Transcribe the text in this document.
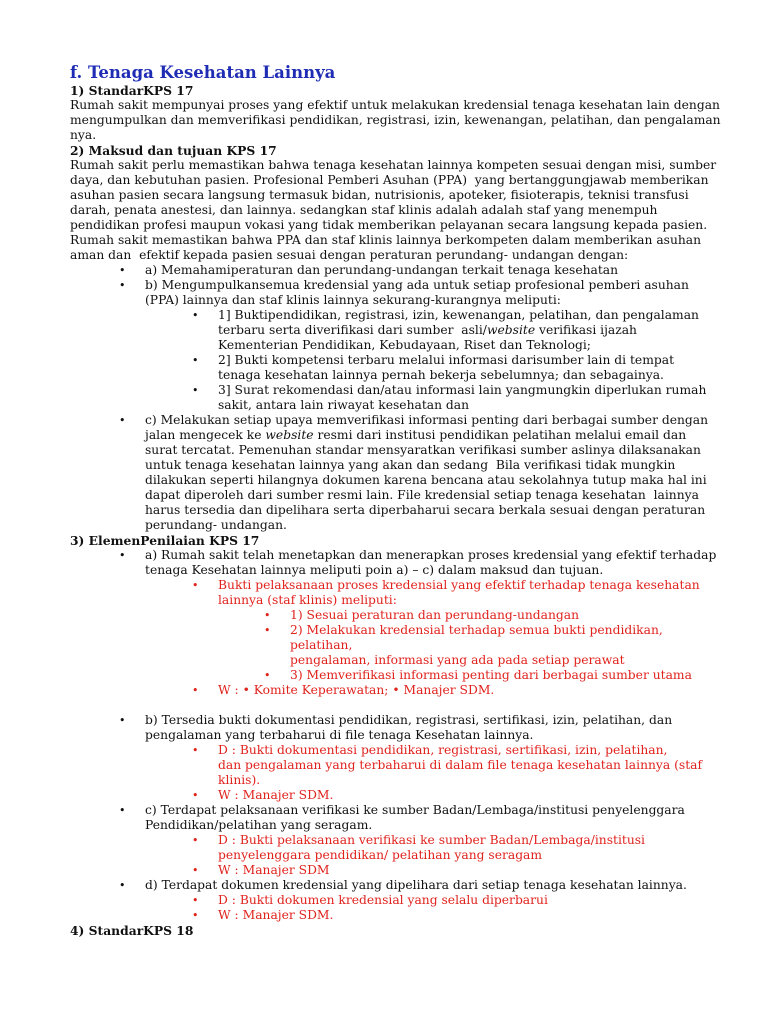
f. Tenaga Kesehatan Lainnya
1) StandarKPS 17
Rumah sakit mempunyai proses yang efektif untuk melakukan kredensial tenaga kesehatan lain dengan
mengumpulkan dan memverifikasi pendidikan, registrasi, izin, kewenangan, pelatihan, dan pengalaman
nya.
2) Maksud dan tujuan KPS 17
Rumah sakit perlu memastikan bahwa tenaga kesehatan lainnya kompeten sesuai dengan misi, sumber
daya, dan kebutuhan pasien. Profesional Pemberi Asuhan (PPA)  yang bertanggungjawab memberikan
asuhan pasien secara langsung termasuk bidan, nutrisionis, apoteker, fisioterapis, teknisi transfusi
darah, penata anestesi, dan lainnya. sedangkan staf klinis adalah adalah staf yang menempuh
pendidikan profesi maupun vokasi yang tidak memberikan pelayanan secara langsung kepada pasien.
Rumah sakit memastikan bahwa PPA dan staf klinis lainnya berkompeten dalam memberikan asuhan
aman dan  efektif kepada pasien sesuai dengan peraturan perundang- undangan dengan:
• a) Memahamiperaturan dan perundang-undangan terkait tenaga kesehatan
• b) Mengumpulkansemua kredensial yang ada untuk setiap profesional pemberi asuhan
(PPA) lainnya dan staf klinis lainnya sekurang-kurangnya meliputi:
• 1] Buktipendidikan, registrasi, izin, kewenangan, pelatihan, dan pengalaman
terbaru serta diverifikasi dari sumber  asli/website verifikasi ijazah
Kementerian Pendidikan, Kebudayaan, Riset dan Teknologi;
• 2] Bukti kompetensi terbaru melalui informasi darisumber lain di tempat
tenaga kesehatan lainnya pernah bekerja sebelumnya; dan sebagainya.
• 3] Surat rekomendasi dan/atau informasi lain yangmungkin diperlukan rumah
sakit, antara lain riwayat kesehatan dan
• c) Melakukan setiap upaya memverifikasi informasi penting dari berbagai sumber dengan
jalan mengecek ke website resmi dari institusi pendidikan pelatihan melalui email dan
surat tercatat. Pemenuhan standar mensyaratkan verifikasi sumber aslinya dilaksanakan
untuk tenaga kesehatan lainnya yang akan dan sedang  Bila verifikasi tidak mungkin
dilakukan seperti hilangnya dokumen karena bencana atau sekolahnya tutup maka hal ini
dapat diperoleh dari sumber resmi lain. File kredensial setiap tenaga kesehatan  lainnya
harus tersedia dan dipelihara serta diperbaharui secara berkala sesuai dengan peraturan
perundang- undangan.
3) ElemenPenilaian KPS 17
• a) Rumah sakit telah menetapkan dan menerapkan proses kredensial yang efektif terhadap
tenaga Kesehatan lainnya meliputi poin a) – c) dalam maksud dan tujuan.
• Bukti pelaksanaan proses kredensial yang efektif terhadap tenaga kesehatan
lainnya (staf klinis) meliputi:
• 1) Sesuai peraturan dan perundang-undangan
• 2) Melakukan kredensial terhadap semua bukti pendidikan,
pelatihan,
pengalaman, informasi yang ada pada setiap perawat
• 3) Memverifikasi informasi penting dari berbagai sumber utama
• W : • Komite Keperawatan; • Manajer SDM.
• b) Tersedia bukti dokumentasi pendidikan, registrasi, sertifikasi, izin, pelatihan, dan
pengalaman yang terbaharui di file tenaga Kesehatan lainnya.
• D : Bukti dokumentasi pendidikan, registrasi, sertifikasi, izin, pelatihan,
dan pengalaman yang terbaharui di dalam file tenaga kesehatan lainnya (staf
klinis).
• W : Manajer SDM.
• c) Terdapat pelaksanaan verifikasi ke sumber Badan/Lembaga/institusi penyelenggara
Pendidikan/pelatihan yang seragam.
• D : Bukti pelaksanaan verifikasi ke sumber Badan/Lembaga/institusi
penyelenggara pendidikan/ pelatihan yang seragam
• W : Manajer SDM
• d) Terdapat dokumen kredensial yang dipelihara dari setiap tenaga kesehatan lainnya.
• D : Bukti dokumen kredensial yang selalu diperbarui
• W : Manajer SDM.
4) StandarKPS 18
